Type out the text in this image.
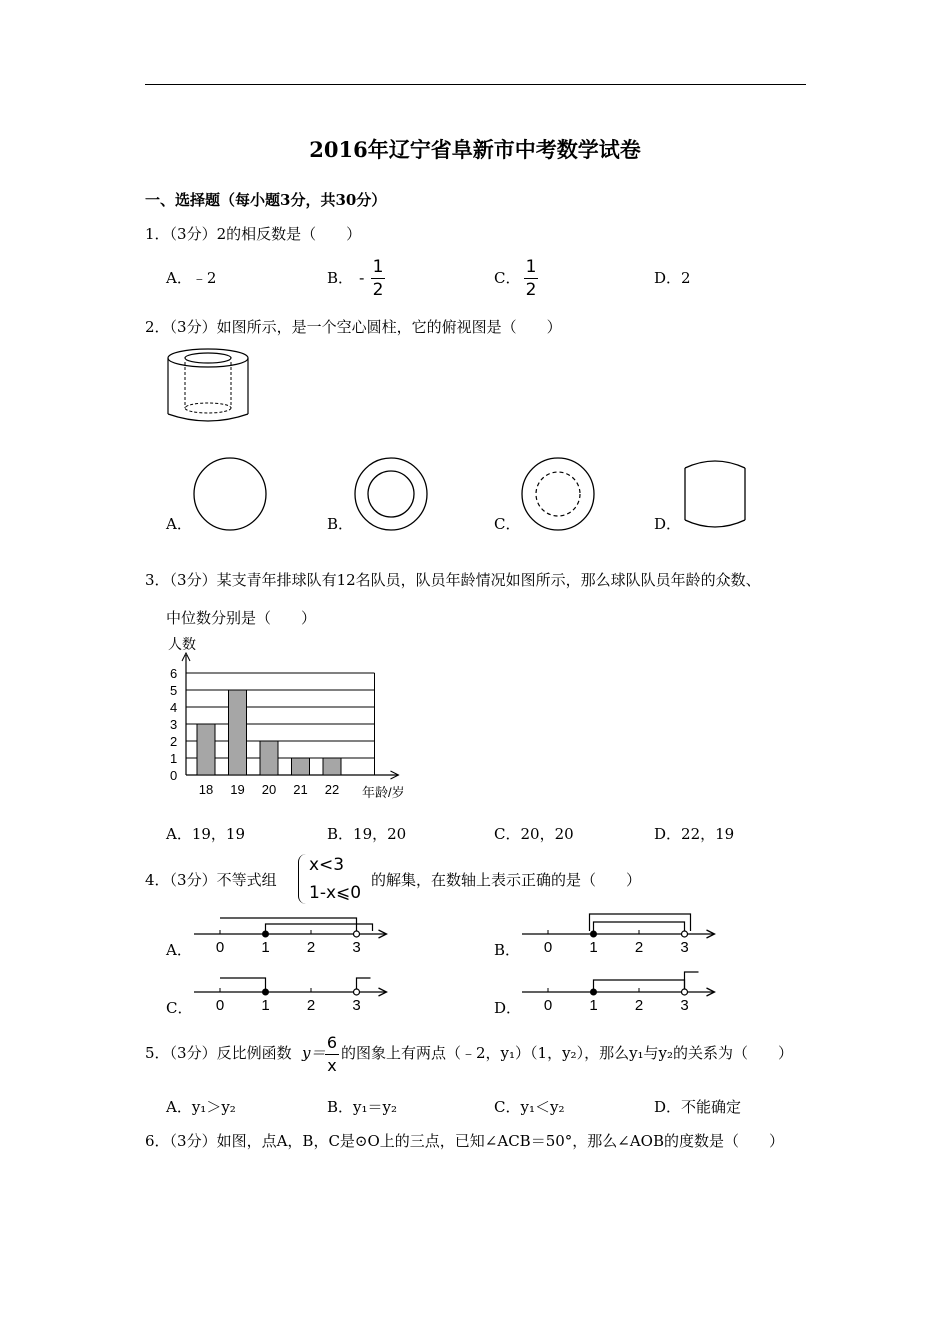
2016年辽宁省阜新市中考数学试卷
一、选择题（每小题3分，共30分）
1．（3分）2的相反数是（　　）
A．﹣2	B． -
1
2
C．
1
2
D．2
2．（3分）如图所示，是一个空心圆柱，它的俯视图是（　　）
A．	B．	C．	D．
3．（3分）某支青年排球队有12名队员，队员年龄情况如图所示，那么球队队员年龄的众数、
中位数分别是（　　）
人数
年龄/岁
0
1
2
3
4
5
6
18 19 20 21 22
A．19，19	B．19，20	C．20，20	D．22，19
4．（3分）不等式组
x<3
1-x⩽0
的解集，在数轴上表示正确的是（　　）
A． 0 1 2 3	B． 0 1 2 3
C． 0 1 2 3	D． 0 1 2 3
5．（3分）反比例函数 y＝
6
x
的图象上有两点（﹣2，y₁）（1，y₂），那么y₁与y₂的关系为（　　）
A．y₁＞y₂	B．y₁＝y₂	C．y₁＜y₂	D．不能确定
6．（3分）如图，点A，B，C是⊙O上的三点，已知∠ACB＝50°，那么∠AOB的度数是（　　）
